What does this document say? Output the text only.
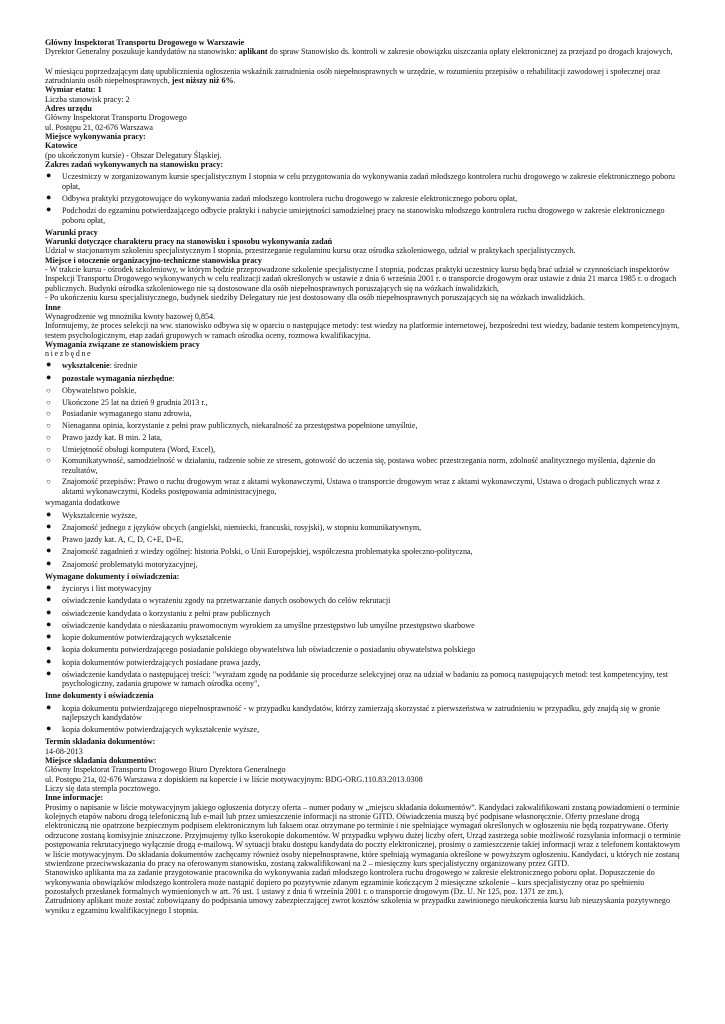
Główny Inspektorat Transportu Drogowego w Warszawie
Dyrektor Generalny poszukuje kandydatów na stanowisko: aplikant do spraw Stanowisko ds. kontroli w zakresie obowiązku uiszczania opłaty elektronicznej za przejazd po drogach krajowych,
W miesiącu poprzedzającym datę upublicznienia ogłoszenia wskaźnik zatrudnienia osób niepełnosprawnych w urzędzie, w rozumieniu przepisów o rehabilitacji zawodowej i społecznej oraz zatrudnianiu osób niepełnosprawnych, jest niższy niż 6%.
Wymiar etatu: 1
Liczba stanowisk pracy: 2
Adres urzędu
Główny Inspektorat Transportu Drogowego
ul. Postępu 21, 02-676 Warszawa
Miejsce wykonywania pracy:
Katowice
(po ukończonym kursie) - Obszar Delegatury Śląskiej.
Zakres zadań wykonywanych na stanowisku pracy:
● Uczestniczy w zorganizowanym kursie specjalistycznym I stopnia w celu przygotowania do wykonywania zadań młodszego kontrolera ruchu drogowego w zakresie elektronicznego poboru opłat,
● Odbywa praktyki przygotowujące do wykonywania zadań młodszego kontrolera ruchu drogowego w zakresie elektronicznego poboru opłat,
● Podchodzi do egzaminu potwierdzającego odbycie praktyki i nabycie umiejętności samodzielnej pracy na stanowisku młodszego kontrolera ruchu drogowego w zakresie elektronicznego poboru opłat,
Warunki pracy
Warunki dotyczące charakteru pracy na stanowisku i sposobu wykonywania zadań
Udział w stacjonarnym szkoleniu specjalistycznym I stopnia, przestrzeganie regulaminu kursu oraz ośrodka szkoleniowego, udział w praktykach specjalistycznych.
Miejsce i otoczenie organizacyjno-techniczne stanowiska pracy
- W trakcie kursu - ośrodek szkoleniowy, w którym będzie przeprowadzone szkolenie specjalistyczne I stopnia, podczas praktyki uczestnicy kursu będą brać udział w czynnościach inspektorów Inspekcji Transportu Drogowego wykonywanych w celu realizacji zadań określonych w ustawie z dnia 6 września 2001 r. o transporcie drogowym oraz ustawie z dnia 21 marca 1985 r. o drogach publicznych. Budynki ośrodka szkoleniowego nie są dostosowane dla osób niepełnosprawnych poruszających się na wózkach inwalidzkich,
- Po ukończeniu kursu specjalistycznego, budynek siedziby Delegatury nie jest dostosowany dla osób niepełnosprawnych poruszających się na wózkach inwalidzkich.
Inne
Wynagrodzenie wg mnożnika kwoty bazowej 0,854.
Informujemy, że proces selekcji na ww. stanowisko odbywa się w oparciu o następujące metody: test wiedzy na platformie internetowej, bezpośredni test wiedzy, badanie testem kompetencyjnym, testem psychologicznym, etap zadań grupowych w ramach ośrodka oceny, rozmowa kwalifikacyjna.
Wymagania związane ze stanowiskiem pracy
niezbędne
● wykształcenie: średnie
● pozostałe wymagania niezbędne:
○ Obywatelstwo polskie,
○ Ukończone 25 lat na dzień 9 grudnia 2013 r.,
○ Posiadanie wymaganego stanu zdrowia,
○ Nienaganna opinia, korzystanie z pełni praw publicznych, niekaralność za przestępstwa popełnione umyślnie,
○ Prawo jazdy kat. B min. 2 lata,
○ Umiejętność obsługi komputera (Word, Excel),
○ Komunikatywność, samodzielność w działaniu, radzenie sobie ze stresem, gotowość do uczenia się, postawa wobec przestrzegania norm, zdolność analitycznego myślenia, dążenie do rezultatów,
○ Znajomość przepisów: Prawo o ruchu drogowym wraz z aktami wykonawczymi, Ustawa o transporcie drogowym wraz z aktami wykonawczymi, Ustawa o drogach publicznych wraz z aktami wykonawczymi, Kodeks postępowania administracyjnego,
wymagania dodatkowe
● Wykształcenie wyższe,
● Znajomość jednego z języków obcych (angielski, niemiecki, francuski, rosyjski), w stopniu komunikatywnym,
● Prawo jazdy kat. A, C, D, C+E, D+E,
● Znajomość zagadnień z wiedzy ogólnej: historia Polski, o Unii Europejskiej, współczesna problematyka społeczno-polityczna,
● Znajomość problematyki motoryzacyjnej,
Wymagane dokumenty i oświadczenia:
● życiorys i list motywacyjny
● oświadczenie kandydata o wyrażeniu zgody na przetwarzanie danych osobowych do celów rekrutacji
● oświadczenie kandydata o korzystaniu z pełni praw publicznych
● oświadczenie kandydata o nieskazaniu prawomocnym wyrokiem za umyślne przestępstwo lub umyślne przestępstwo skarbowe
● kopie dokumentów potwierdzających wykształcenie
● kopia dokumentu potwierdzającego posiadanie polskiego obywatelstwa lub oświadczenie o posiadaniu obywatelstwa polskiego
● kopia dokumentów potwierdzających posiadane prawa jazdy,
● oświadczenie kandydata o następującej treści: "wyrażam zgodę na poddanie się procedurze selekcyjnej oraz na udział w badaniu za pomocą następujących metod: test kompetencyjny, test psychologiczny, zadania grupowe w ramach ośrodka oceny",
Inne dokumenty i oświadczenia
● kopia dokumentu potwierdzającego niepełnosprawność - w przypadku kandydatów, którzy zamierzają skorzystać z pierwszeństwa w zatrudnieniu w przypadku, gdy znajdą się w gronie najlepszych kandydatów
● kopia dokumentów potwierdzających wykształcenie wyższe,
Termin składania dokumentów:
14-08-2013
Miejsce składania dokumentów:
Główny Inspektorat Transportu Drogowego Biuro Dyrektora Generalnego
ul. Postępu 21a, 02-676 Warszawa z dopiskiem na kopercie i w liście motywacyjnym: BDG-ORG.110.83.2013.0308
Liczy się data stempla pocztowego.
Inne informacje:
Prosimy o napisanie w liście motywacyjnym jakiego ogłoszenia dotyczy oferta – numer podany w „miejscu składania dokumentów”. Kandydaci zakwalifikowani zostaną powiadomieni o terminie kolejnych etapów naboru drogą telefoniczną lub e-mail lub przez umieszczenie informacji na stronie GITD. Oświadczenia muszą być podpisane własnoręcznie. Oferty przesłane drogą elektroniczną nie opatrzone bezpiecznym podpisem elektronicznym lub faksem oraz otrzymane po terminie i nie spełniające wymagań określonych w ogłoszeniu nie będą rozpatrywane. Oferty odrzucone zostaną komisyjnie zniszczone. Przyjmujemy tylko kserokopie dokumentów. W przypadku wpływu dużej liczby ofert, Urząd zastrzega sobie możliwość rozsyłania informacji o terminie postępowania rekrutacyjnego wyłącznie drogą e-mailową. W sytuacji braku dostępu kandydata do poczty elektronicznej, prosimy o zamieszczenie takiej informacji wraz z telefonem kontaktowym w liście motywacyjnym. Do składania dokumentów zachęcamy również osoby niepełnosprawne, które spełniają wymagania określone w powyższym ogłoszeniu. Kandydaci, u których nie zostaną stwierdzone przeciwwskazania do pracy na oferowanym stanowisku, zostaną zakwalifikowani na 2 – miesięczny kurs specjalistyczny organizowany przez GITD.
Stanowisko aplikanta ma za zadanie przygotowanie pracownika do wykonywania zadań młodszego kontrolera ruchu drogowego w zakresie elektronicznego poboru opłat. Dopuszczenie do wykonywania obowiązków młodszego kontrolera może nastąpić dopiero po pozytywnie zdanym egzaminie kończącym 2 miesięczne szkolenie – kurs specjalistyczny oraz po spełnieniu pozostałych przesłanek formalnych wymienionych w art. 76 ust. 1 ustawy z dnia 6 września 2001 r. o transporcie drogowym (Dz. U. Nr 125, poz. 1371 ze zm.).
Zatrudniony aplikant może zostać zobowiązany do podpisania umowy zabezpieczającej zwrot kosztów szkolenia w przypadku zawinionego nieukończenia kursu lub nieuzyskania pozytywnego wyniku z egzaminu kwalifikacyjnego I stopnia.
